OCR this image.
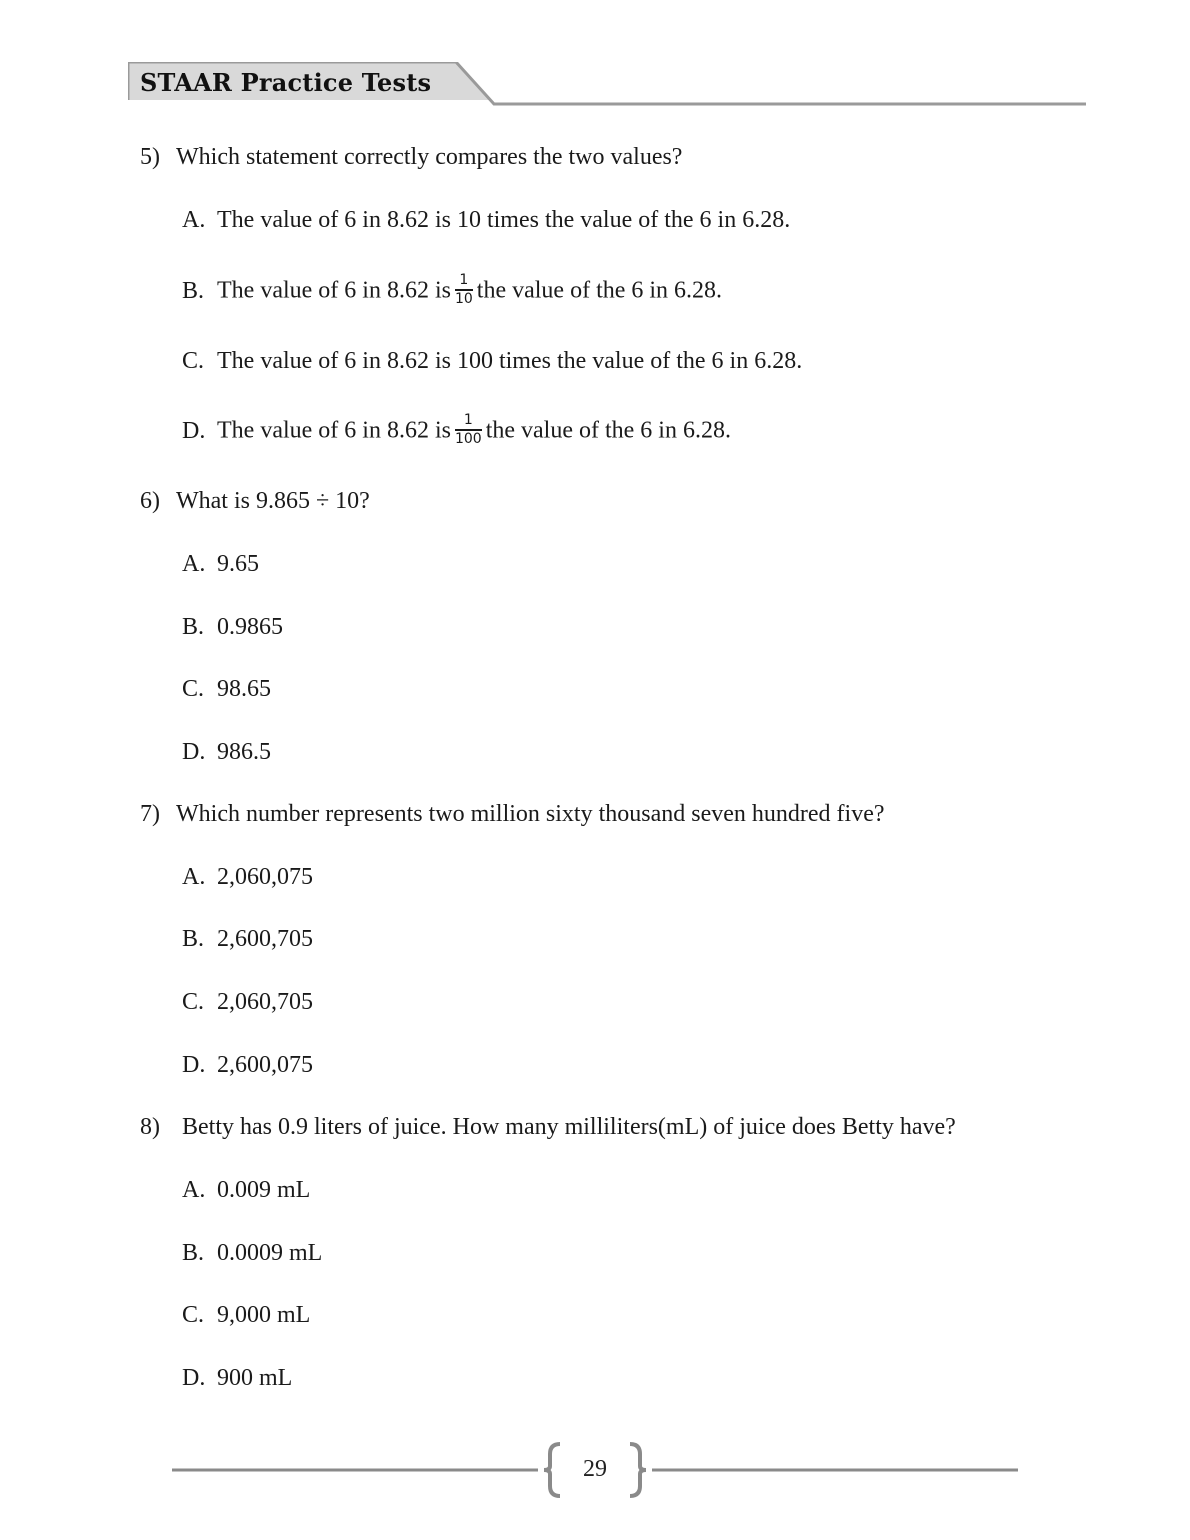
STAAR Practice Tests
5) Which statement correctly compares the two values?
A. The value of 6 in 8.62 is 10 times the value of the 6 in 6.28.
B. The value of 6 in 8.62 is $\frac{1}{10}$ the value of the 6 in 6.28.
C. The value of 6 in 8.62 is 100 times the value of the 6 in 6.28.
D. The value of 6 in 8.62 is $\frac{1}{100}$ the value of the 6 in 6.28.
6) What is 9.865 ÷ 10?
A. 9.65
B. 0.9865
C. 98.65
D. 986.5
7) Which number represents two million sixty thousand seven hundred five?
A. 2,060,075
B. 2,600,705
C. 2,060,705
D. 2,600,075
8) Betty has 0.9 liters of juice. How many milliliters(mL) of juice does Betty have?
A. 0.009 mL
B. 0.0009 mL
C. 9,000 mL
D. 900 mL
29
